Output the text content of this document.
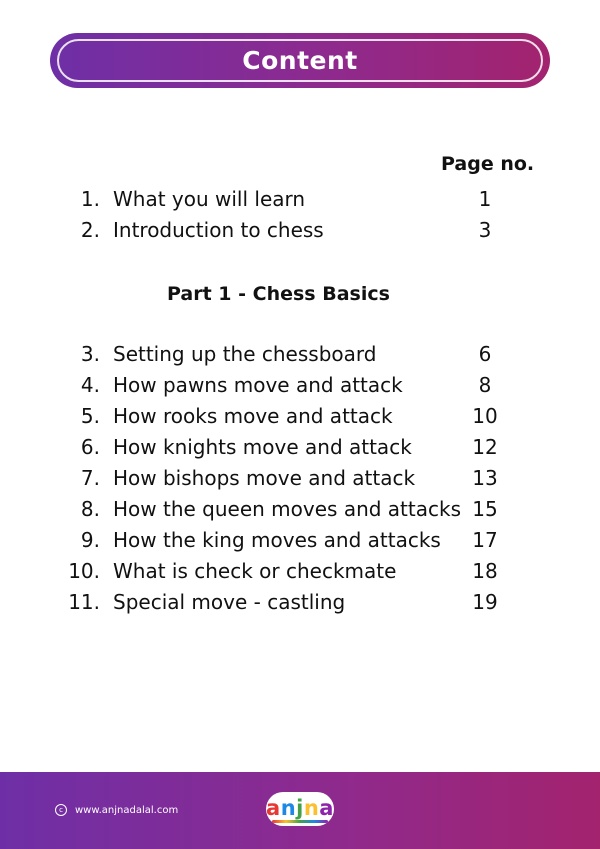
Content
Page no.
1. What you will learn	1
2. Introduction to chess	3
Part 1 - Chess Basics
3. Setting up the chessboard	6
4. How pawns move and attack	8
5. How rooks move and attack	10
6. How knights move and attack	12
7. How bishops move and attack	13
8. How the queen moves and attacks 15
9. How the king moves and attacks 17
10. What is check or checkmate	18
11. Special move - castling	19
c	www.anjnadalal.com	anjna
